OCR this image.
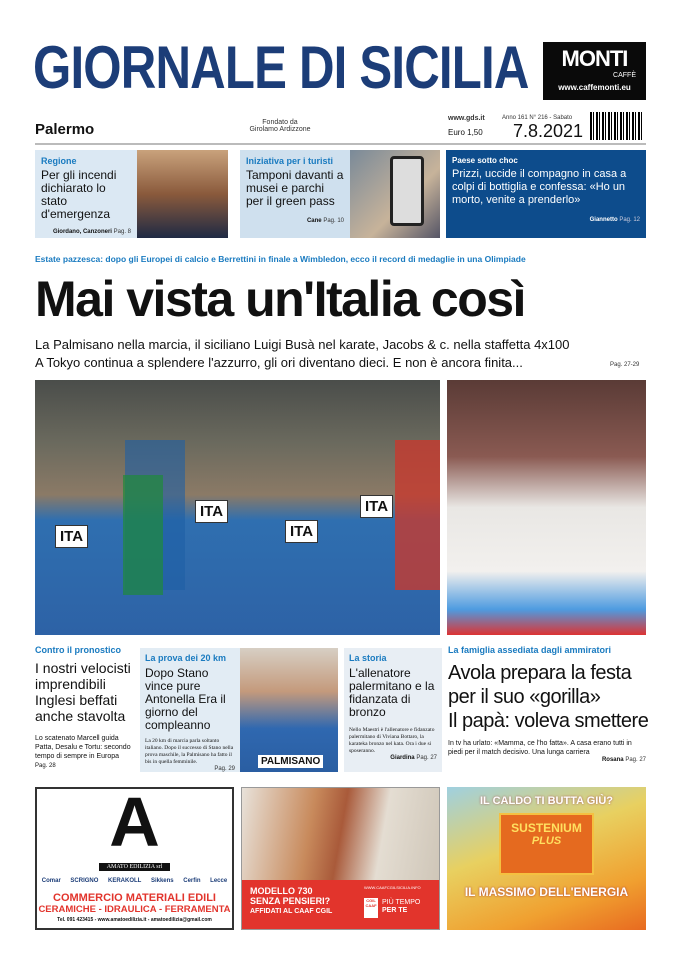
GIORNALE DI SICILIA	MONTI
CAFFÈ
www.caffemonti.eu
Palermo	Fondato da
Girolamo Ardizzone
www.gds.it
Euro 1,50
Anno 161 N° 216 - Sabato
7.8.2021
Regione
Per gli incendi dichiarato lo stato d'emergenza
Giordano, Canzoneri Pag. 8
Iniziativa per i turisti
Tamponi davanti a musei e parchi per il green pass
Cane Pag. 10
Paese sotto choc
Prizzi, uccide il compagno in casa a colpi di bottiglia e confessa: «Ho un morto, venite a prenderlo»
Giannetto Pag. 12
Estate pazzesca: dopo gli Europei di calcio e Berrettini in finale a Wimbledon, ecco il record di medaglie in una Olimpiade
Mai vista un'Italia così
La Palmisano nella marcia, il siciliano Luigi Busà nel karate, Jacobs & c. nella staffetta 4x100
A Tokyo continua a splendere l'azzurro, gli ori diventano dieci. E non è ancora finita...	Pag. 27-29
ITA
ITA
ITA
ITA
Contro il pronostico
I nostri velocisti imprendibili Inglesi beffati anche stavolta
Lo scatenato Marcell guida Patta, Desalu e Tortu: secondo tempo di sempre in Europa Pag. 28
La prova dei 20 km
Dopo Stano vince pure Antonella Era il giorno del compleanno
La 20 km di marcia parla soltanto italiano. Dopo il successo di Stano nella prova maschile, la Palmisano ha fatto il bis in quella femminile.
Pag. 29
PALMISANO
La storia
L'allenatore palermitano e la fidanzata di bronzo
Nello Maestri è l'allenatore e fidanzato palermitano di Viviana Bottaro, la karateka bronzo nel kata. Ora i due si sposeranno.
Giardina Pag. 27
La famiglia assediata dagli ammiratori
Avola prepara la festa
per il suo «gorilla»
Il papà: voleva smettere
In tv ha urlato: «Mamma, ce l'ho fatta». A casa erano tutti in piedi per il match decisivo. Una lunga carriera
Rosana Pag. 27
A
AMATO EDILIZIA srl
Comar SCRIGNO KERAKOLL Sikkens Cerfin Lecce
COMMERCIO MATERIALI EDILI
CERAMICHE - IDRAULICA - FERRAMENTA
Tel. 091 423415 - www.amatoedilizia.it - amatoedilizia@gmail.com
MODELLO 730
SENZA PENSIERI?
AFFIDATI AL CAAF CGIL
WWW.CAAFCGILSICILIA.INFO
CGIL CAAF PIÙ TEMPO
PER TE
IL CALDO TI BUTTA GIÙ?
SUSTENIUM
PLUS
IL MASSIMO DELL'ENERGIA
